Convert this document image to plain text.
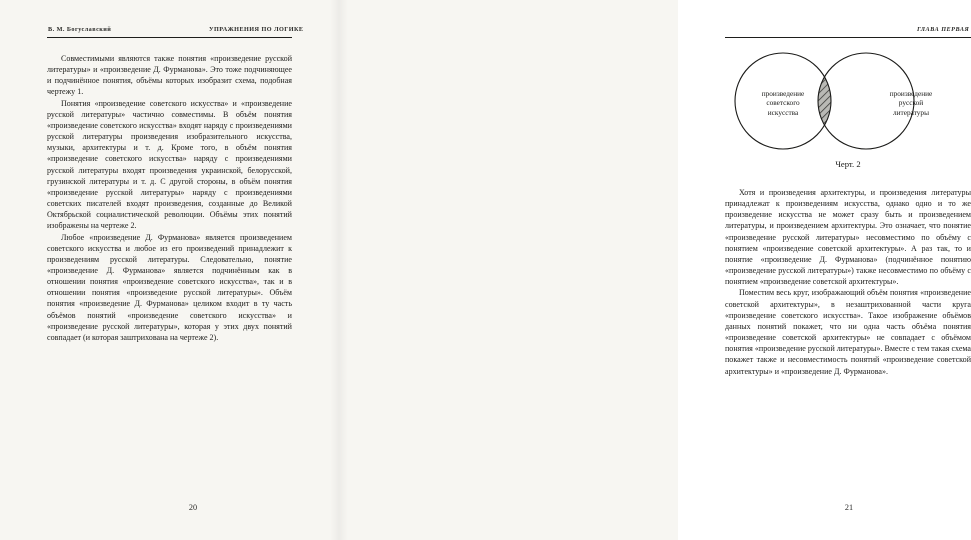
В. М. Богуславский	УПРАЖНЕНИЯ ПО ЛОГИКЕ

Совместимыми являются также понятия «произведение русской литературы» и «произведение Д. Фурманова». Это тоже подчиняющее и подчинённое понятия, объёмы которых изобразит схема, подобная чертежу 1.

Понятия «произведение советского искусства» и «произведение русской литературы» частично совместимы. В объём понятия «произведение советского искусства» входят наряду с произведениями русской литературы произведения изобразительного искусства, музыки, архитектуры и т. д. Кроме того, в объём понятия «произведение советского искусства» наряду с произведениями русской литературы входят произведения украинской, белорусской, грузинской литературы и т. д. С другой стороны, в объём понятия «произведение русской литературы» наряду с произведениями советских писателей входят произведения, созданные до Великой Октябрьской социалистической революции. Объёмы этих понятий изображены на чертеже 2.

Любое «произведение Д. Фурманова» является произведением советского искусства и любое из его произведений принадлежит к произведениям русской литературы. Следовательно, понятие «произведение Д. Фурманова» является подчинённым как в отношении понятия «произведение советского искусства», так и в отношении понятия «произведение русской литературы». Объём понятия «произведение Д. Фурманова» целиком входит в ту часть объёмов понятий «произведение советского искусства» и «произведение русской литературы», которая у этих двух понятий совпадает (и которая заштрихована на чертеже 2).

20
ГЛАВА ПЕРВАЯ
произведение
советского
искусства
произведение
русской
литературы
Черт. 2

Хотя и произведения архитектуры, и произведения литературы принадлежат к произведениям искусства, однако одно и то же произведение искусства не может сразу быть и произведением литературы, и произведением архитектуры. Это означает, что понятие «произведение русской литературы» несовместимо по объёму с понятием «произведение советской архитектуры». А раз так, то и понятие «произведение Д. Фурманова» (подчинённое понятию «произведение русской литературы») также несовместимо по объёму с понятием «произведение советской архитектуры».

Поместим весь круг, изображающий объём понятия «произведение советской архитектуры», в незаштрихованной части круга «произведение советского искусства». Такое изображение объёмов данных понятий покажет, что ни одна часть объёма понятия «произведение советской архитектуры» не совпадает с объёмом понятия «произведение русской литературы». Вместе с тем такая схема покажет также и несовместимость понятий «произведение советской архитектуры» и «произведение Д. Фурманова».

21
